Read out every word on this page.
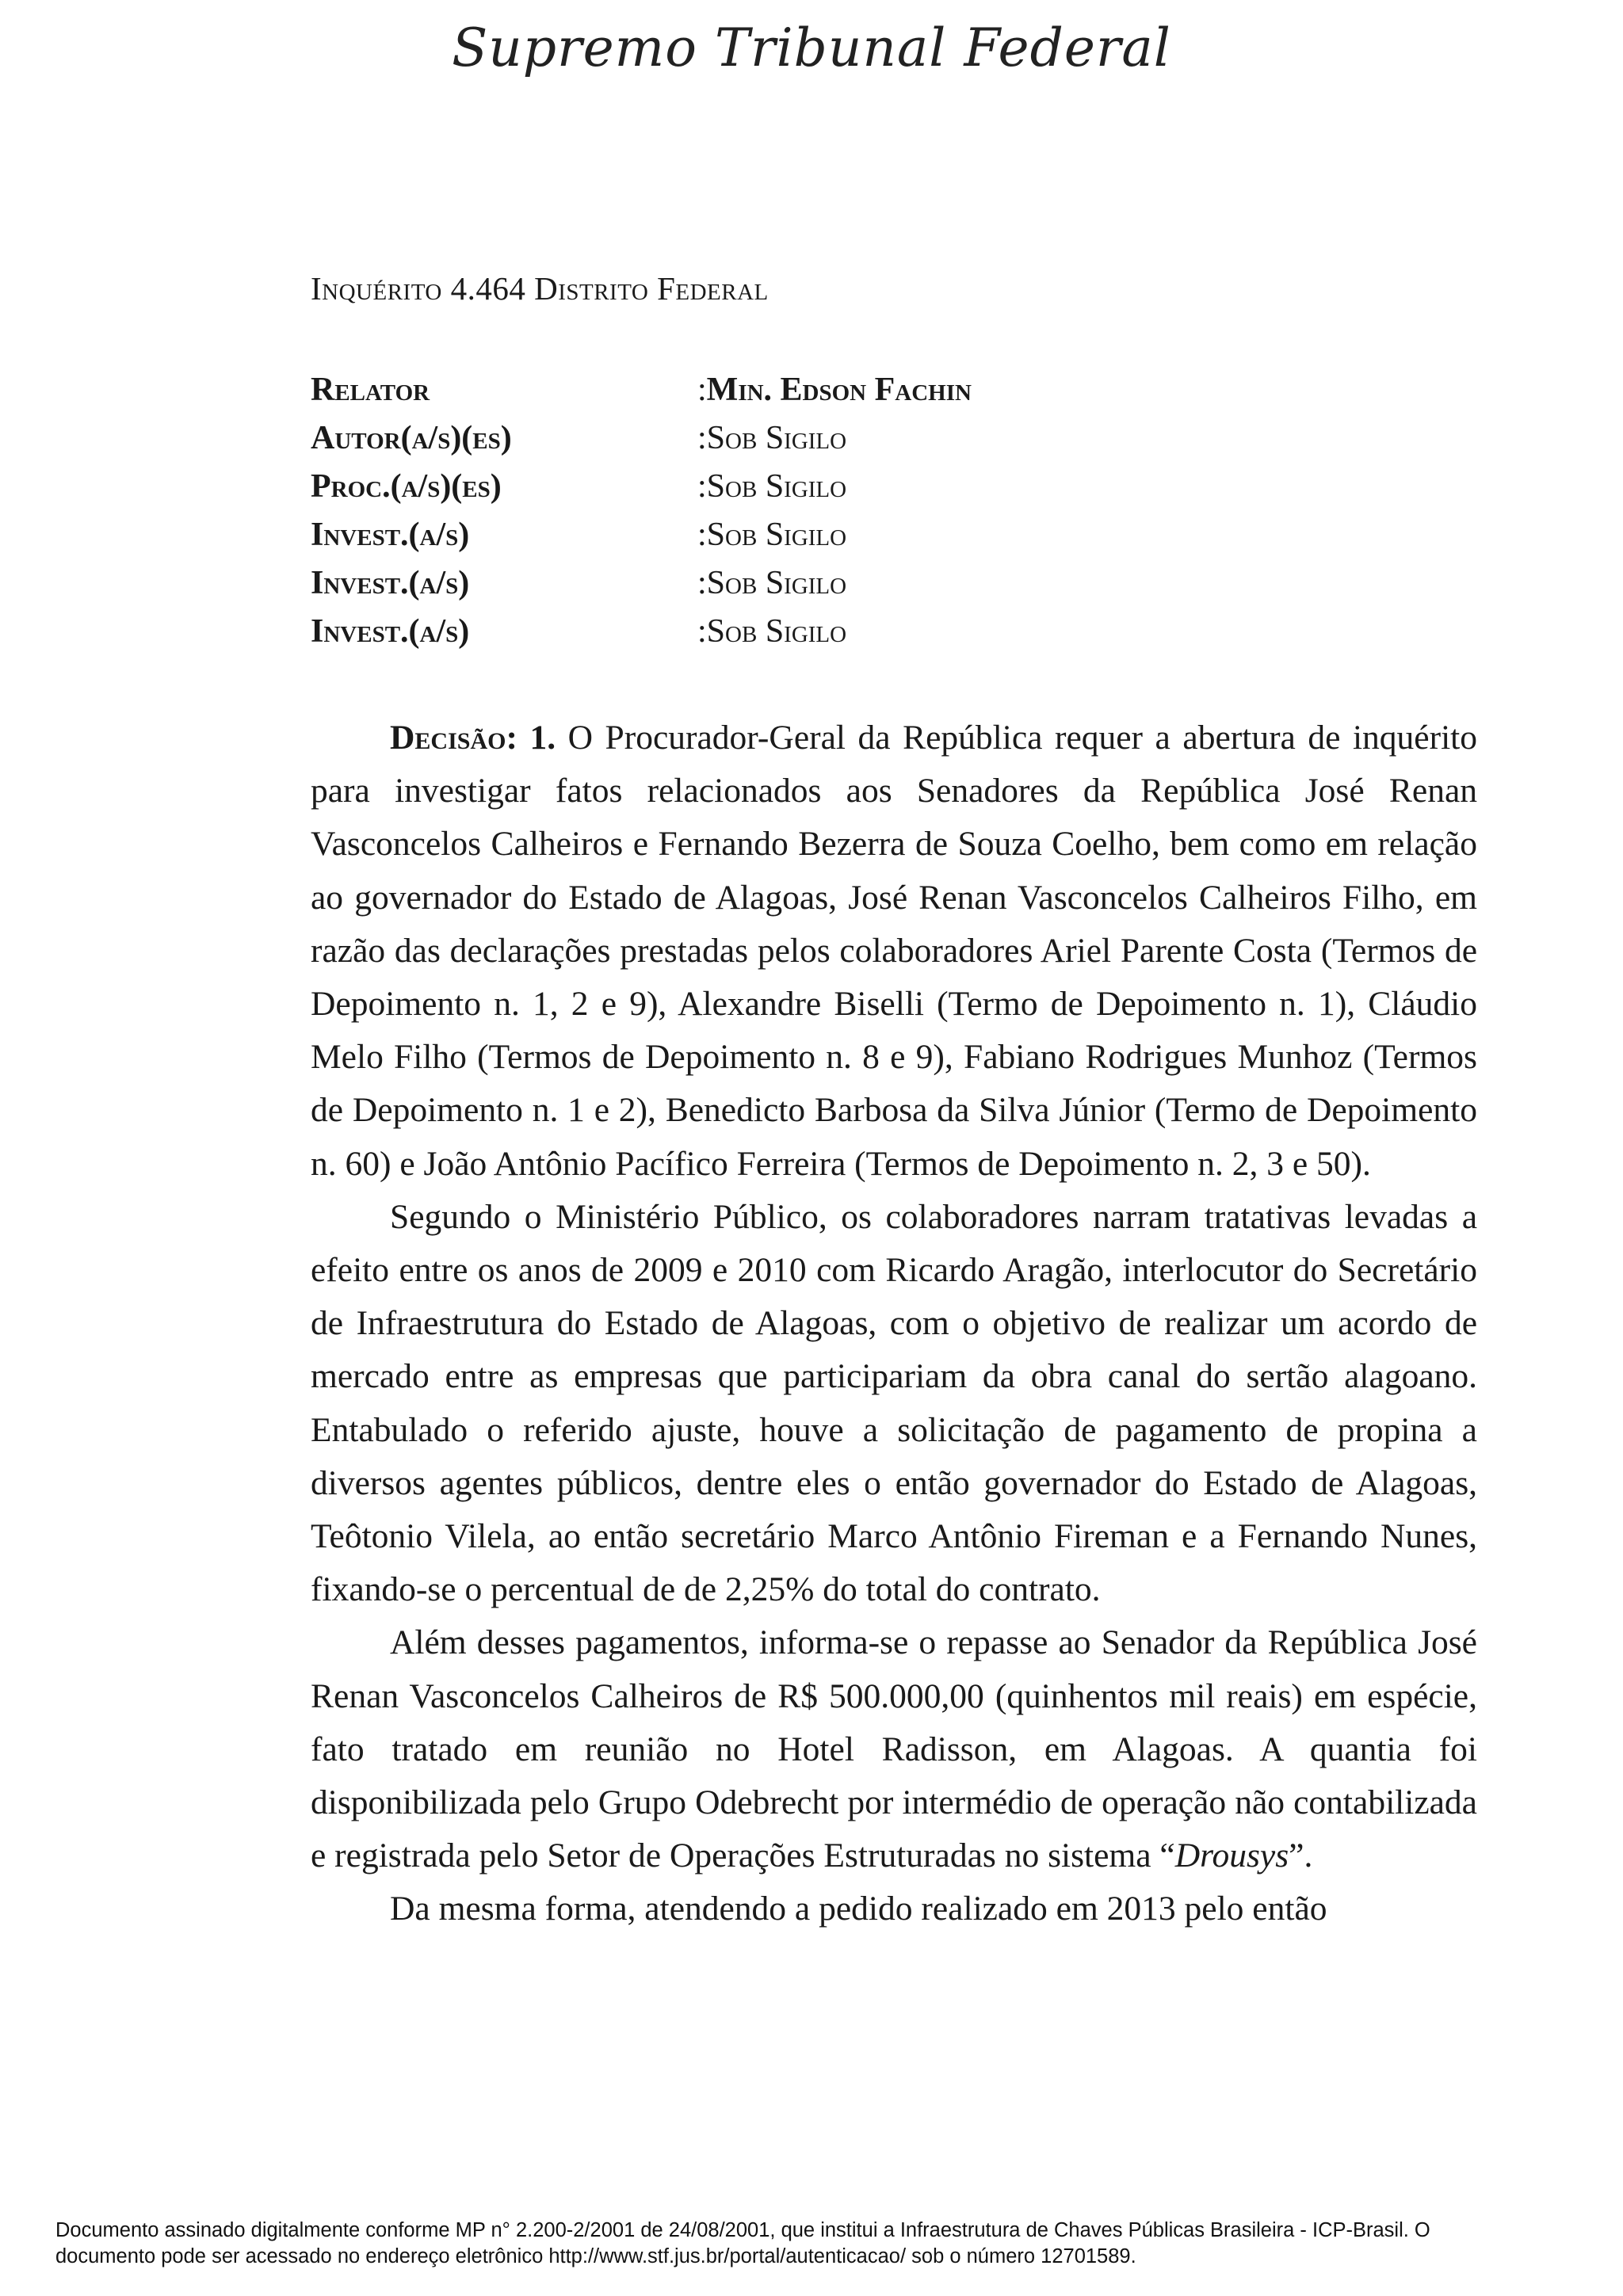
Supremo Tribunal Federal
Inquérito 4.464 Distrito Federal
Relator	: Min. Edson Fachin
Autor(a/s)(es)	: Sob Sigilo
Proc.(a/s)(es)	: Sob Sigilo
Invest.(a/s)	: Sob Sigilo
Invest.(a/s)	: Sob Sigilo
Invest.(a/s)	: Sob Sigilo

Decisão: 1. O Procurador-Geral da República requer a abertura de inquérito para investigar fatos relacionados aos Senadores da República José Renan Vasconcelos Calheiros e Fernando Bezerra de Souza Coelho, bem como em relação ao governador do Estado de Alagoas, José Renan Vasconcelos Calheiros Filho, em razão das declarações prestadas pelos colaboradores Ariel Parente Costa (Termos de Depoimento n. 1, 2 e 9), Alexandre Biselli (Termo de Depoimento n. 1), Cláudio Melo Filho (Termos de Depoimento n. 8 e 9), Fabiano Rodrigues Munhoz (Termos de Depoimento n. 1 e 2), Benedicto Barbosa da Silva Júnior (Termo de Depoimento n. 60) e João Antônio Pacífico Ferreira (Termos de Depoimento n. 2, 3 e 50).

Segundo o Ministério Público, os colaboradores narram tratativas levadas a efeito entre os anos de 2009 e 2010 com Ricardo Aragão, interlocutor do Secretário de Infraestrutura do Estado de Alagoas, com o objetivo de realizar um acordo de mercado entre as empresas que participariam da obra canal do sertão alagoano. Entabulado o referido ajuste, houve a solicitação de pagamento de propina a diversos agentes públicos, dentre eles o então governador do Estado de Alagoas, Teôtonio Vilela, ao então secretário Marco Antônio Fireman e a Fernando Nunes, fixando-se o percentual de de 2,25% do total do contrato.

Além desses pagamentos, informa-se o repasse ao Senador da República José Renan Vasconcelos Calheiros de R$ 500.000,00 (quinhentos mil reais) em espécie, fato tratado em reunião no Hotel Radisson, em Alagoas. A quantia foi disponibilizada pelo Grupo Odebrecht por intermédio de operação não contabilizada e registrada pelo Setor de Operações Estruturadas no sistema “Drousys”.

Da mesma forma, atendendo a pedido realizado em 2013 pelo então

Documento assinado digitalmente conforme MP n° 2.200-2/2001 de 24/08/2001, que institui a Infraestrutura de Chaves Públicas Brasileira - ICP-Brasil. O
documento pode ser acessado no endereço eletrônico http://www.stf.jus.br/portal/autenticacao/ sob o número 12701589.
